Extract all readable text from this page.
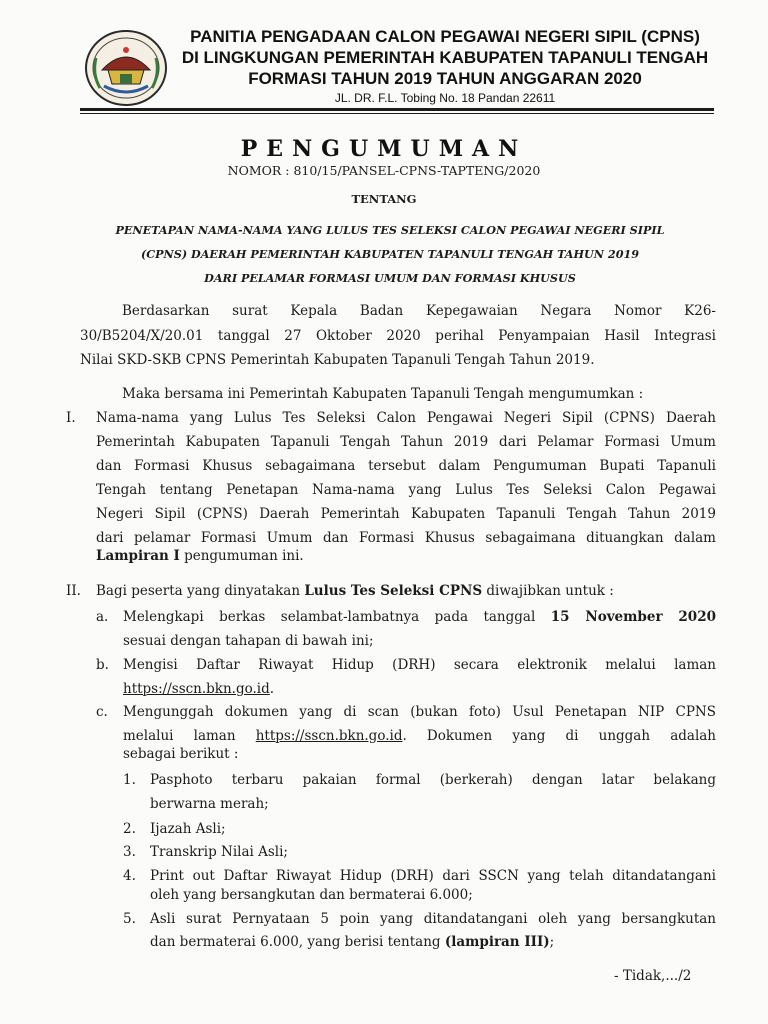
PANITIA PENGADAAN CALON PEGAWAI NEGERI SIPIL (CPNS)
DI LINGKUNGAN PEMERINTAH KABUPATEN TAPANULI TENGAH
FORMASI TAHUN 2019 TAHUN ANGGARAN 2020
JL. DR. F.L. Tobing No. 18 Pandan 22611
PENGUMUMAN
NOMOR : 810/15/PANSEL-CPNS-TAPTENG/2020
TENTANG
PENETAPAN NAMA-NAMA YANG LULUS TES SELEKSI CALON PEGAWAI NEGERI SIPIL
(CPNS) DAERAH PEMERINTAH KABUPATEN TAPANULI TENGAH TAHUN 2019
DARI PELAMAR FORMASI UMUM DAN FORMASI KHUSUS
Berdasarkan surat Kepala Badan Kepegawaian Negara Nomor K26-
30/B5204/X/20.01 tanggal 27 Oktober 2020 perihal Penyampaian Hasil Integrasi
Nilai SKD-SKB CPNS Pemerintah Kabupaten Tapanuli Tengah Tahun 2019.
Maka bersama ini Pemerintah Kabupaten Tapanuli Tengah mengumumkan :
I. Nama-nama yang Lulus Tes Seleksi Calon Pengawai Negeri Sipil (CPNS) Daerah
Pemerintah Kabupaten Tapanuli Tengah Tahun 2019 dari Pelamar Formasi Umum
dan Formasi Khusus sebagaimana tersebut dalam Pengumuman Bupati Tapanuli
Tengah tentang Penetapan Nama-nama yang Lulus Tes Seleksi Calon Pegawai
Negeri Sipil (CPNS) Daerah Pemerintah Kabupaten Tapanuli Tengah Tahun 2019
dari pelamar Formasi Umum dan Formasi Khusus sebagaimana dituangkan dalam
Lampiran I pengumuman ini.
II. Bagi peserta yang dinyatakan Lulus Tes Seleksi CPNS diwajibkan untuk :
a. Melengkapi berkas selambat-lambatnya pada tanggal 15 November 2020
sesuai dengan tahapan di bawah ini;
b. Mengisi Daftar Riwayat Hidup (DRH) secara elektronik melalui laman
https://sscn.bkn.go.id.
c. Mengunggah dokumen yang di scan (bukan foto) Usul Penetapan NIP CPNS
melalui laman https://sscn.bkn.go.id. Dokumen yang di unggah adalah
sebagai berikut :
1. Pasphoto terbaru pakaian formal (berkerah) dengan latar belakang
berwarna merah;
2. Ijazah Asli;
3. Transkrip Nilai Asli;
4. Print out Daftar Riwayat Hidup (DRH) dari SSCN yang telah ditandatangani
oleh yang bersangkutan dan bermaterai 6.000;
5. Asli surat Pernyataan 5 poin yang ditandatangani oleh yang bersangkutan
dan bermaterai 6.000, yang berisi tentang (lampiran III);
- Tidak,.../2
